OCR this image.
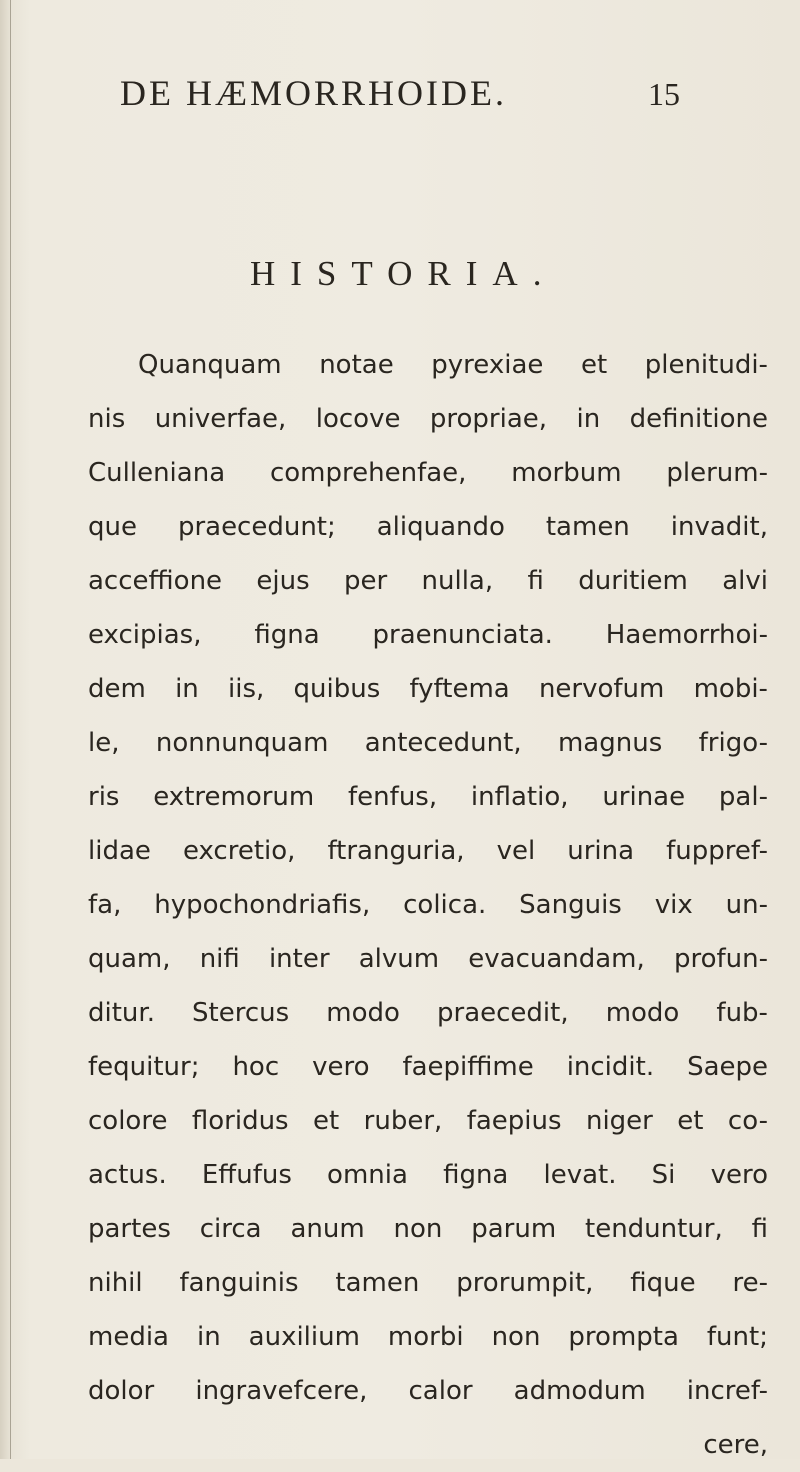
DE HÆMORRHOIDE.	15
HISTORIA.
Quanquam notae pyrexiae et plenitudi-
nis univerfae, locove propriae, in definitione
Culleniana comprehenfae, morbum plerum-
que praecedunt; aliquando tamen invadit,
acceffione ejus per nulla, fi duritiem alvi
excipias, figna praenunciata. Haemorrhoi-
dem in iis, quibus fyftema nervofum mobi-
le, nonnunquam antecedunt, magnus frigo-
ris extremorum fenfus, inflatio, urinae pal-
lidae excretio, ftranguria, vel urina fuppref-
fa, hypochondriafis, colica. Sanguis vix un-
quam, nifi inter alvum evacuandam, profun-
ditur. Stercus modo praecedit, modo fub-
fequitur; hoc vero faepiffime incidit. Saepe
colore floridus et ruber, faepius niger et co-
actus. Effufus omnia figna levat. Si vero
partes circa anum non parum tenduntur, fi
nihil fanguinis tamen prorumpit, fique re-
media in auxilium morbi non prompta funt;
dolor ingravefcere, calor admodum incref-
cere,
